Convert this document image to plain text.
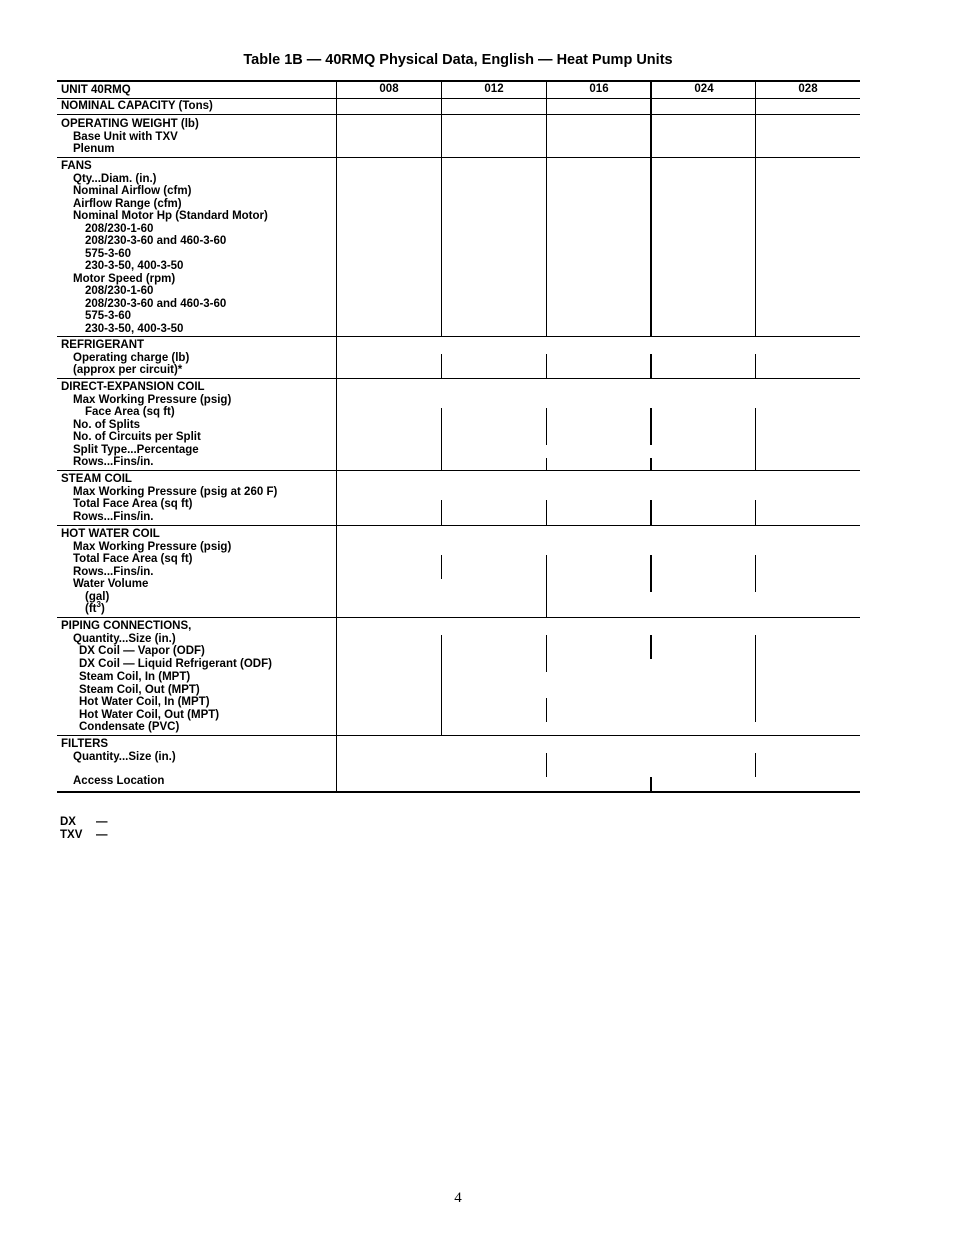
Table 1B — 40RMQ Physical Data, English — Heat Pump Units
UNIT 40RMQ	008	012	016	024	028
NOMINAL CAPACITY (Tons)
OPERATING WEIGHT (lb)
Base Unit with TXV
Plenum
FANS
Qty...Diam. (in.)
Nominal Airflow (cfm)
Airflow Range (cfm)
Nominal Motor Hp (Standard Motor)
208/230-1-60
208/230-3-60 and 460-3-60
575-3-60
230-3-50, 400-3-50
Motor Speed (rpm)
208/230-1-60
208/230-3-60 and 460-3-60
575-3-60
230-3-50, 400-3-50
REFRIGERANT
Operating charge (lb)
(approx per circuit)*
DIRECT-EXPANSION COIL
Max Working Pressure (psig)
Face Area (sq ft)
No. of Splits
No. of Circuits per Split
Split Type...Percentage
Rows...Fins/in.
STEAM COIL
Max Working Pressure (psig at 260 F)
Total Face Area (sq ft)
Rows...Fins/in.
HOT WATER COIL
Max Working Pressure (psig)
Total Face Area (sq ft)
Rows...Fins/in.
Water Volume
(gal)
$(ft^3)$
PIPING CONNECTIONS,
Quantity...Size (in.)
DX Coil — Vapor (ODF)
DX Coil — Liquid Refrigerant (ODF)
Steam Coil, In (MPT)
Steam Coil, Out (MPT)
Hot Water Coil, In (MPT)
Hot Water Coil, Out (MPT)
Condensate (PVC)
FILTERS
Quantity...Size (in.)
Access Location
DX —
TXV —
4
